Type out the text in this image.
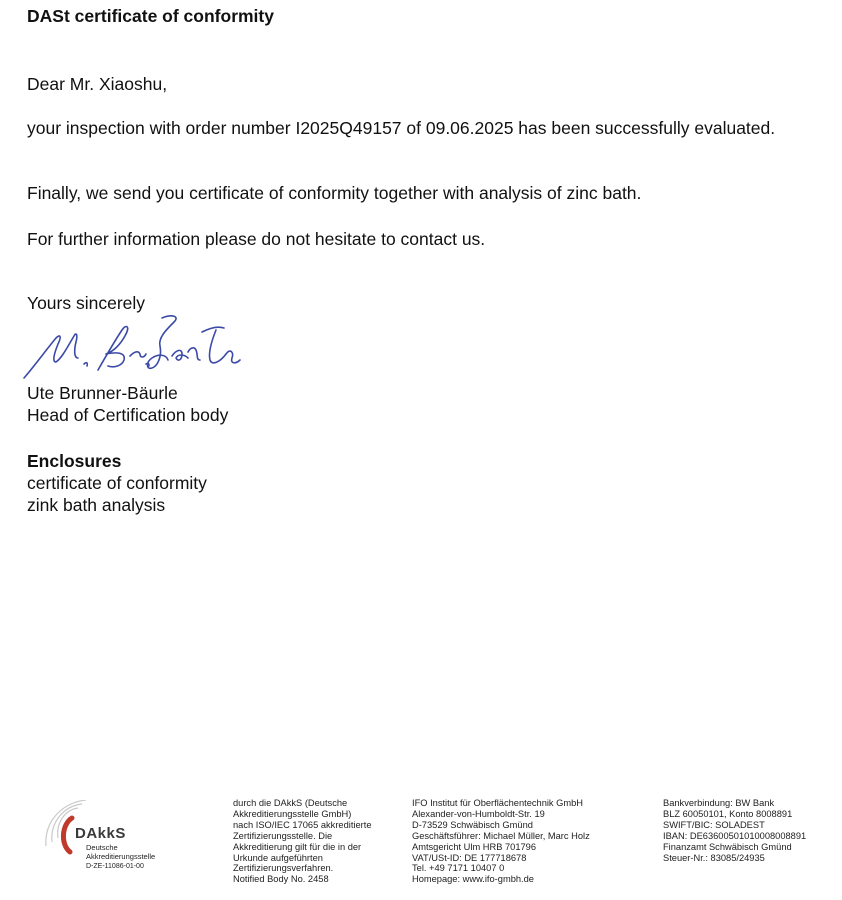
DASt certificate of conformity
Dear Mr. Xiaoshu,
your inspection with order number I2025Q49157 of 09.06.2025 has been successfully evaluated.
Finally, we send you certificate of conformity together with analysis of zinc bath.
For further information please do not hesitate to contact us.
Yours sincerely
Ute Brunner-Bäurle
Head of Certification body
Enclosures
certificate of conformity
zink bath analysis
DAkkS
Deutsche
Akkreditierungsstelle
D-ZE-11086-01-00
durch die DAkkS (Deutsche
Akkreditierungsstelle GmbH)
nach ISO/IEC 17065 akkreditierte
Zertifizierungsstelle. Die
Akkreditierung gilt für die in der
Urkunde aufgeführten
Zertifizierungsverfahren.
Notified Body No. 2458
IFO Institut für Oberflächentechnik GmbH
Alexander-von-Humboldt-Str. 19
D-73529 Schwäbisch Gmünd
Geschäftsführer: Michael Müller, Marc Holz
Amtsgericht Ulm HRB 701796
VAT/USt-ID: DE 177718678
Tel. +49 7171 10407 0
Homepage: www.ifo-gmbh.de
Bankverbindung: BW Bank
BLZ 60050101, Konto 8008891
SWIFT/BIC: SOLADEST
IBAN: DE63600501010008008891
Finanzamt Schwäbisch Gmünd
Steuer-Nr.: 83085/24935
